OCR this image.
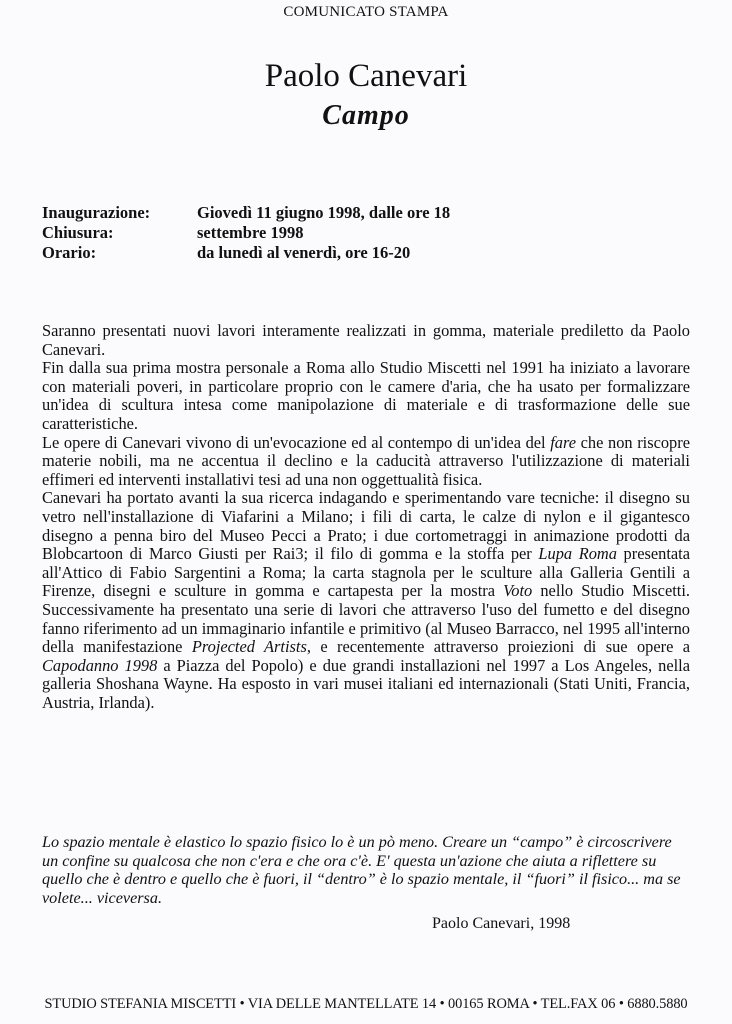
COMUNICATO STAMPA
Paolo Canevari
Campo
Inaugurazione:	Giovedì 11 giugno 1998, dalle ore 18
Chiusura:	settembre 1998
Orario:	da lunedì al venerdì, ore 16-20

Saranno presentati nuovi lavori interamente realizzati in gomma, materiale prediletto da Paolo Canevari.

Fin dalla sua prima mostra personale a Roma allo Studio Miscetti nel 1991 ha iniziato a lavorare con materiali poveri, in particolare proprio con le camere d'aria, che ha usato per formalizzare un'idea di scultura intesa come manipolazione di materiale e di trasformazione delle sue caratteristiche.

Le opere di Canevari vivono di un'evocazione ed al contempo di un'idea del fare che non riscopre materie nobili, ma ne accentua il declino e la caducità attraverso l'utilizzazione di materiali effimeri ed interventi installativi tesi ad una non oggettualità fisica.

Canevari ha portato avanti la sua ricerca indagando e sperimentando vare tecniche: il disegno su vetro nell'installazione di Viafarini a Milano; i fili di carta, le calze di nylon e il gigantesco disegno a penna biro del Museo Pecci a Prato; i due cortometraggi in animazione prodotti da Blobcartoon di Marco Giusti per Rai3; il filo di gomma e la stoffa per Lupa Roma presentata all'Attico di Fabio Sargentini a Roma; la carta stagnola per le sculture alla Galleria Gentili a Firenze, disegni e sculture in gomma e cartapesta per la mostra Voto nello Studio Miscetti. Successivamente ha presentato una serie di lavori che attraverso l'uso del fumetto e del disegno fanno riferimento ad un immaginario infantile e primitivo (al Museo Barracco, nel 1995 all'interno della manifestazione Projected Artists, e recentemente attraverso proiezioni di sue opere a Capodanno 1998 a Piazza del Popolo) e due grandi installazioni nel 1997 a Los Angeles, nella galleria Shoshana Wayne. Ha esposto in vari musei italiani ed internazionali (Stati Uniti, Francia, Austria, Irlanda).

Lo spazio mentale è elastico lo spazio fisico lo è un pò meno. Creare un “campo” è circoscrivere un confine su qualcosa che non c'era e che ora c'è. E' questa un'azione che aiuta a riflettere su quello che è dentro e quello che è fuori, il “dentro” è lo spazio mentale, il “fuori” il fisico... ma se volete... viceversa.

Paolo Canevari, 1998
STUDIO STEFANIA MISCETTI • VIA DELLE MANTELLATE 14 • 00165 ROMA • TEL.FAX 06 • 6880.5880
